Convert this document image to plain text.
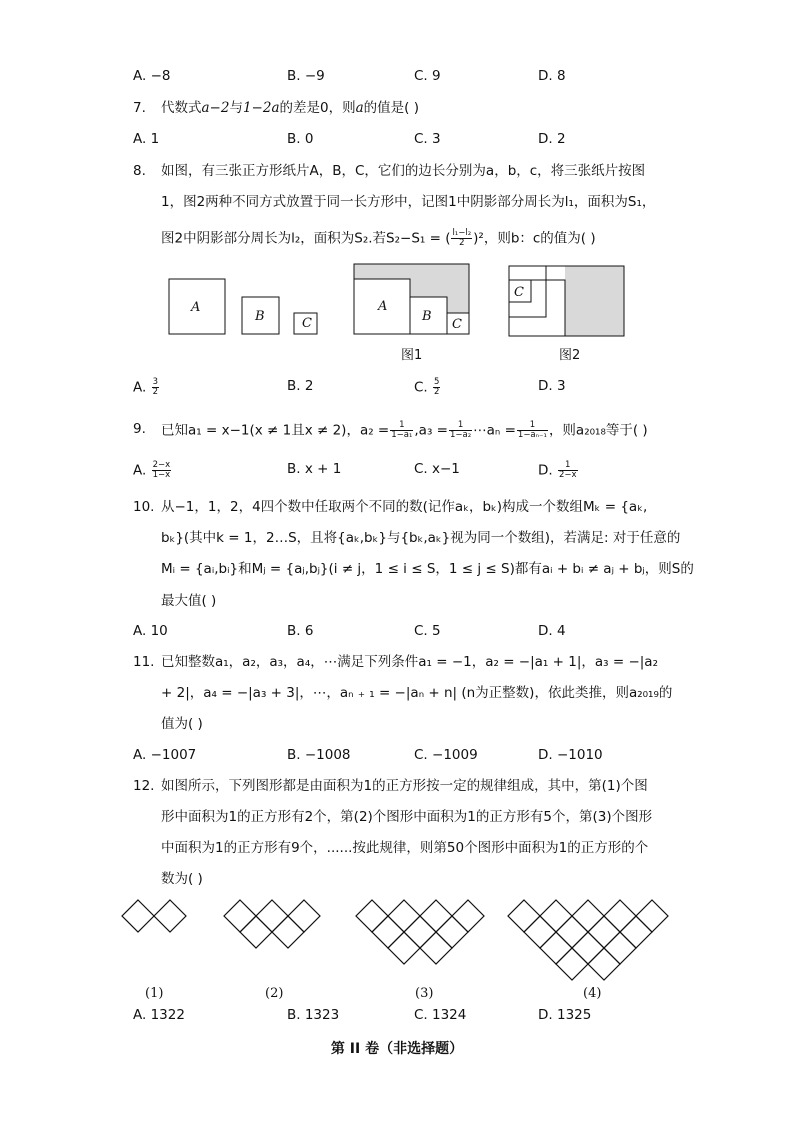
A. −8	B. −9	C. 9	D. 8
7. 代数式a−2与1−2a的差是0，则a的值是( )
A. 1	B. 0	C. 3	D. 2
8. 如图，有三张正方形纸片A，B，C，它们的边长分别为a，b，c，将三张纸片按图
1，图2两种不同方式放置于同一长方形中，记图1中阴影部分周长为l₁，面积为S₁，
图2中阴影部分周长为l₂，面积为S₂.若S₂−S₁ = ( $\frac{\text{l₁−l₂}}{2} )^2$，则b：c的值为( )
A
B	C
A
B
C
C
图1	图2
A. $\frac{3}{2}$	B. 2	C. $\frac{5}{2}$	D. 3
9. 已知a₁ = x−1(x ≠ 1且x ≠ 2)，$a_2 = \frac{1}{\text{1−a₁}} ,a_3 = \frac{1}{\text{1−a₂}}$ ⋯aₙ = $\frac{1}{\text{1−aₙ₋₁}}$ ，则a₂₀₁₈等于( )
A. $\frac{2-x}{1-x}$	B. x + 1	C. x−1	D. $\frac{1}{2-x}$
10. 从−1，1，2，4四个数中任取两个不同的数(记作aₖ，bₖ)构成一个数组Mₖ = {aₖ,
bₖ}(其中k = 1，2…S，且将{aₖ,bₖ}与{bₖ,aₖ}视为同一个数组)，若满足: 对于任意的
Mᵢ = {aᵢ,bᵢ}和Mⱼ = {aⱼ,bⱼ}(i ≠ j，1 ≤ i ≤ S，1 ≤ j ≤ S)都有aᵢ + bᵢ ≠ aⱼ + bⱼ，则S的
最大值( )
A. 10	B. 6	C. 5	D. 4
11. 已知整数a₁，a₂，a₃，a₄，⋯满足下列条件a₁ = −1，a₂ = −|a₁ + 1|，a₃ = −|a₂
+ 2|，a₄ = −|a₃ + 3|，⋯，aₙ ₊ ₁ = −|aₙ + n| (n为正整数)，依此类推，则a₂₀₁₉的
值为( )
A. −1007	B. −1008	C. −1009	D. −1010
12. 如图所示，下列图形都是由面积为1的正方形按一定的规律组成，其中，第(1)个图
形中面积为1的正方形有2个，第(2)个图形中面积为1的正方形有5个，第(3)个图形
中面积为1的正方形有9个，......按此规律，则第50个图形中面积为1的正方形的个
数为( )
(1)	(2)	(3)	(4)
A. 1322	B. 1323	C. 1324	D. 1325
第 II 卷（非选择题）
